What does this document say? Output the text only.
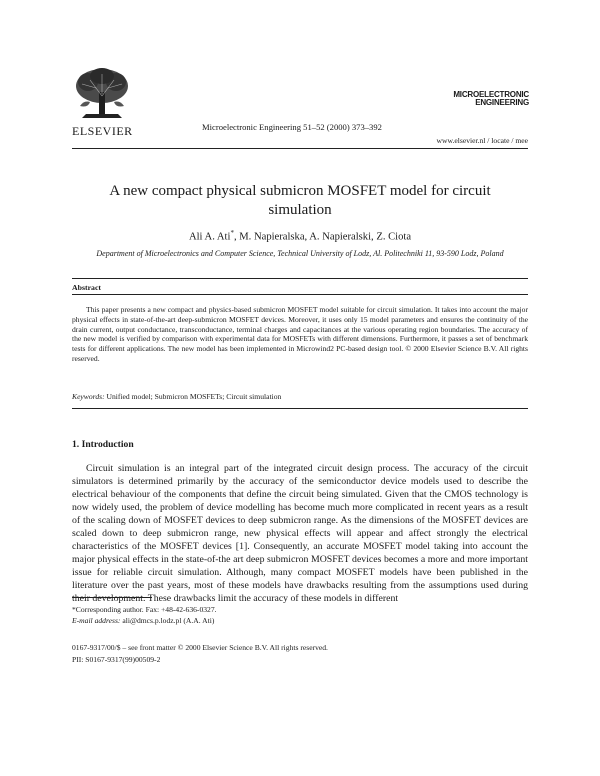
ELSEVIER	Microelectronic Engineering 51–52 (2000) 373–392
MICROELECTRONIC
ENGINEERING
www.elsevier.nl / locate / mee
A new compact physical submicron MOSFET model for circuit simulation
Ali A. Ati*, M. Napieralska, A. Napieralski, Z. Ciota
Department of Microelectronics and Computer Science, Technical University of Lodz, Al. Politechniki 11, 93-590 Lodz, Poland
Abstract
This paper presents a new compact and physics-based submicron MOSFET model suitable for circuit simulation. It takes into account the major physical effects in state-of-the-art deep-submicron MOSFET devices. Moreover, it uses only 15 model parameters and ensures the continuity of the drain current, output conductance, transconductance, terminal charges and capacitances at the various operating region boundaries. The accuracy of the new model is verified by comparison with experimental data for MOSFETs with different dimensions. Furthermore, it passes a set of benchmark tests for different applications. The new model has been implemented in Microwind2 PC-based design tool. © 2000 Elsevier Science B.V. All rights reserved.
Keywords: Unified model; Submicron MOSFETs; Circuit simulation
1. Introduction
Circuit simulation is an integral part of the integrated circuit design process. The accuracy of the circuit simulators is determined primarily by the accuracy of the semiconductor device models used to describe the electrical behaviour of the components that define the circuit being simulated. Given that the CMOS technology is now widely used, the problem of device modelling has become much more complicated in recent years as a result of the scaling down of MOSFET devices to deep submicron range. As the dimensions of the MOSFET devices are scaled down to deep submicron range, new physical effects will appear and affect strongly the electrical characteristics of the MOSFET devices [1]. Consequently, an accurate MOSFET model taking into account the major physical effects in the state-of-the art deep submicron MOSFET devices becomes a more and more important issue for reliable circuit simulation. Although, many compact MOSFET models have been published in the literature over the past years, most of these models have drawbacks resulting from the assumptions used during their development. These drawbacks limit the accuracy of these models in different
*Corresponding author. Fax: +48-42-636-0327.
E-mail address: ali@dmcs.p.lodz.pl (A.A. Ati)
0167-9317/00/$ – see front matter © 2000 Elsevier Science B.V. All rights reserved.
PII: S0167-9317(99)00509-2
